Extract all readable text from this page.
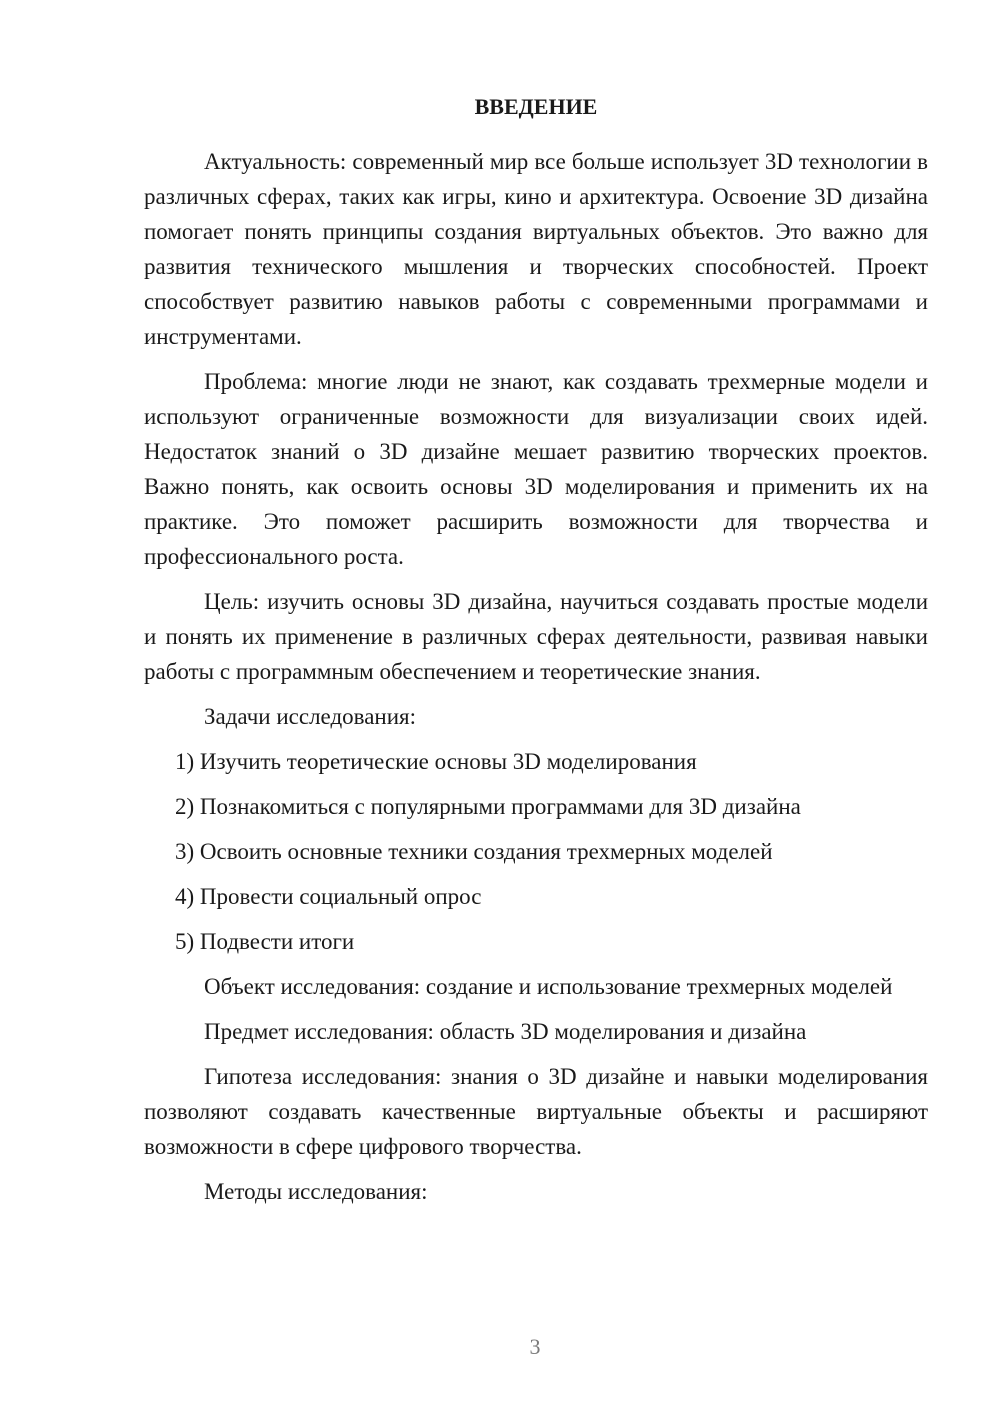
ВВЕДЕНИЕ

Актуальность: современный мир все больше использует 3D технологии в различных сферах, таких как игры, кино и архитектура. Освоение 3D дизайна помогает понять принципы создания виртуальных объектов. Это важно для развития технического мышления и творческих способностей. Проект способствует развитию навыков работы с современными программами и инструментами.

Проблема: многие люди не знают, как создавать трехмерные модели и используют ограниченные возможности для визуализации своих идей. Недостаток знаний о 3D дизайне мешает развитию творческих проектов. Важно понять, как освоить основы 3D моделирования и применить их на практике. Это поможет расширить возможности для творчества и профессионального роста.

Цель: изучить основы 3D дизайна, научиться создавать простые модели и понять их применение в различных сферах деятельности, развивая навыки работы с программным обеспечением и теоретические знания.

Задачи исследования:

1) Изучить теоретические основы 3D моделирования

2) Познакомиться с популярными программами для 3D дизайна

3) Освоить основные техники создания трехмерных моделей

4) Провести социальный опрос

5) Подвести итоги

Объект исследования: создание и использование трехмерных моделей

Предмет исследования: область 3D моделирования и дизайна

Гипотеза исследования: знания о 3D дизайне и навыки моделирования позволяют создавать качественные виртуальные объекты и расширяют возможности в сфере цифрового творчества.

Методы исследования:

3
